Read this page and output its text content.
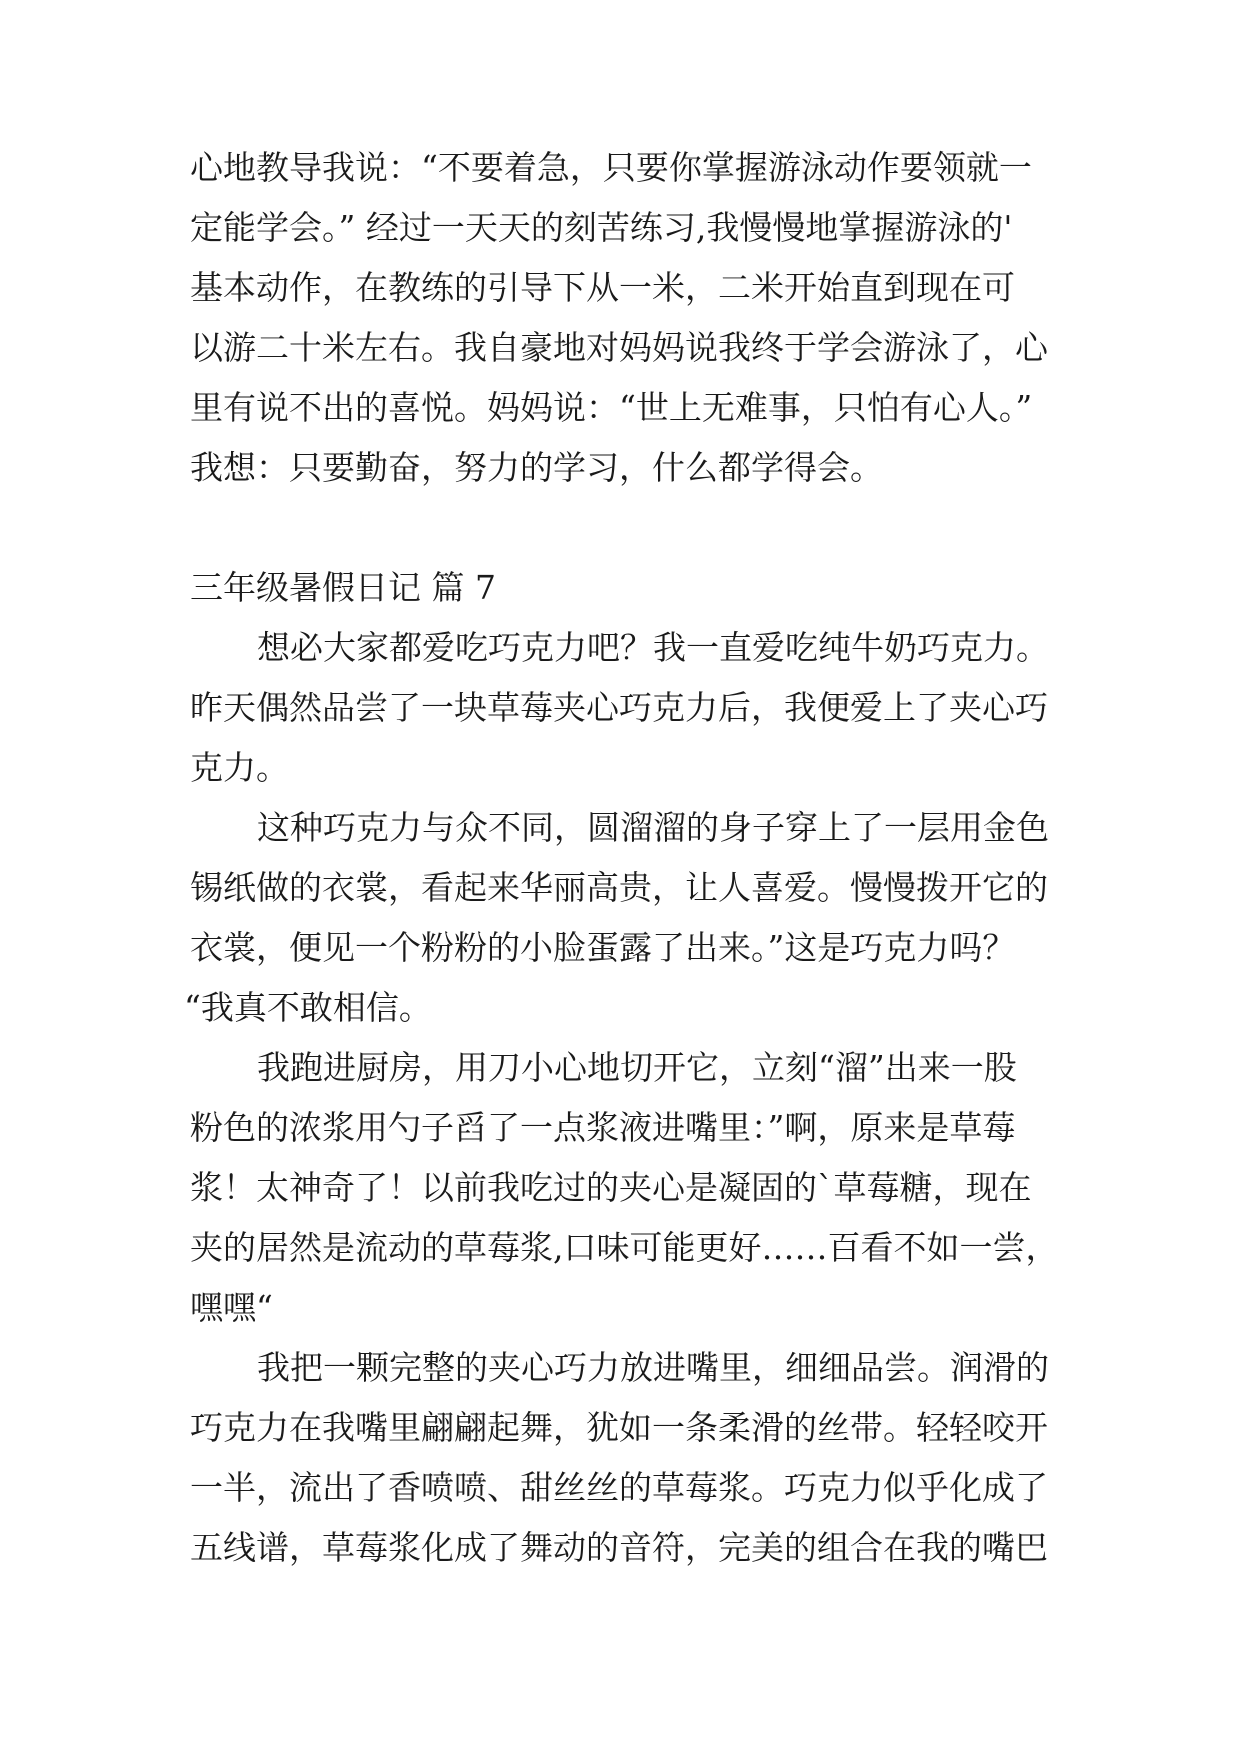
心地教导我说：“不要着急，只要你掌握游泳动作要领就一
定能学会。” 经过一天天的刻苦练习,我慢慢地掌握游泳的'
基本动作，在教练的引导下从一米，二米开始直到现在可
以游二十米左右。我自豪地对妈妈说我终于学会游泳了，心
里有说不出的喜悦。妈妈说：“世上无难事，只怕有心人。”
我想：只要勤奋，努力的学习，什么都学得会。
三年级暑假日记 篇 7
想必大家都爱吃巧克力吧？我一直爱吃纯牛奶巧克力。
昨天偶然品尝了一块草莓夹心巧克力后，我便爱上了夹心巧
克力。
这种巧克力与众不同，圆溜溜的身子穿上了一层用金色
锡纸做的衣裳，看起来华丽高贵，让人喜爱。慢慢拨开它的
衣裳，便见一个粉粉的小脸蛋露了出来。”这是巧克力吗？
“我真不敢相信。
我跑进厨房，用刀小心地切开它，立刻“溜”出来一股
粉色的浓浆用勺子舀了一点浆液进嘴里：”啊，原来是草莓
浆！太神奇了！以前我吃过的夹心是凝固的`草莓糖，现在
夹的居然是流动的草莓浆,口味可能更好……百看不如一尝，
嘿嘿“
我把一颗完整的夹心巧力放进嘴里，细细品尝。润滑的
巧克力在我嘴里翩翩起舞，犹如一条柔滑的丝带。轻轻咬开
一半，流出了香喷喷、甜丝丝的草莓浆。巧克力似乎化成了
五线谱，草莓浆化成了舞动的音符，完美的组合在我的嘴巴
